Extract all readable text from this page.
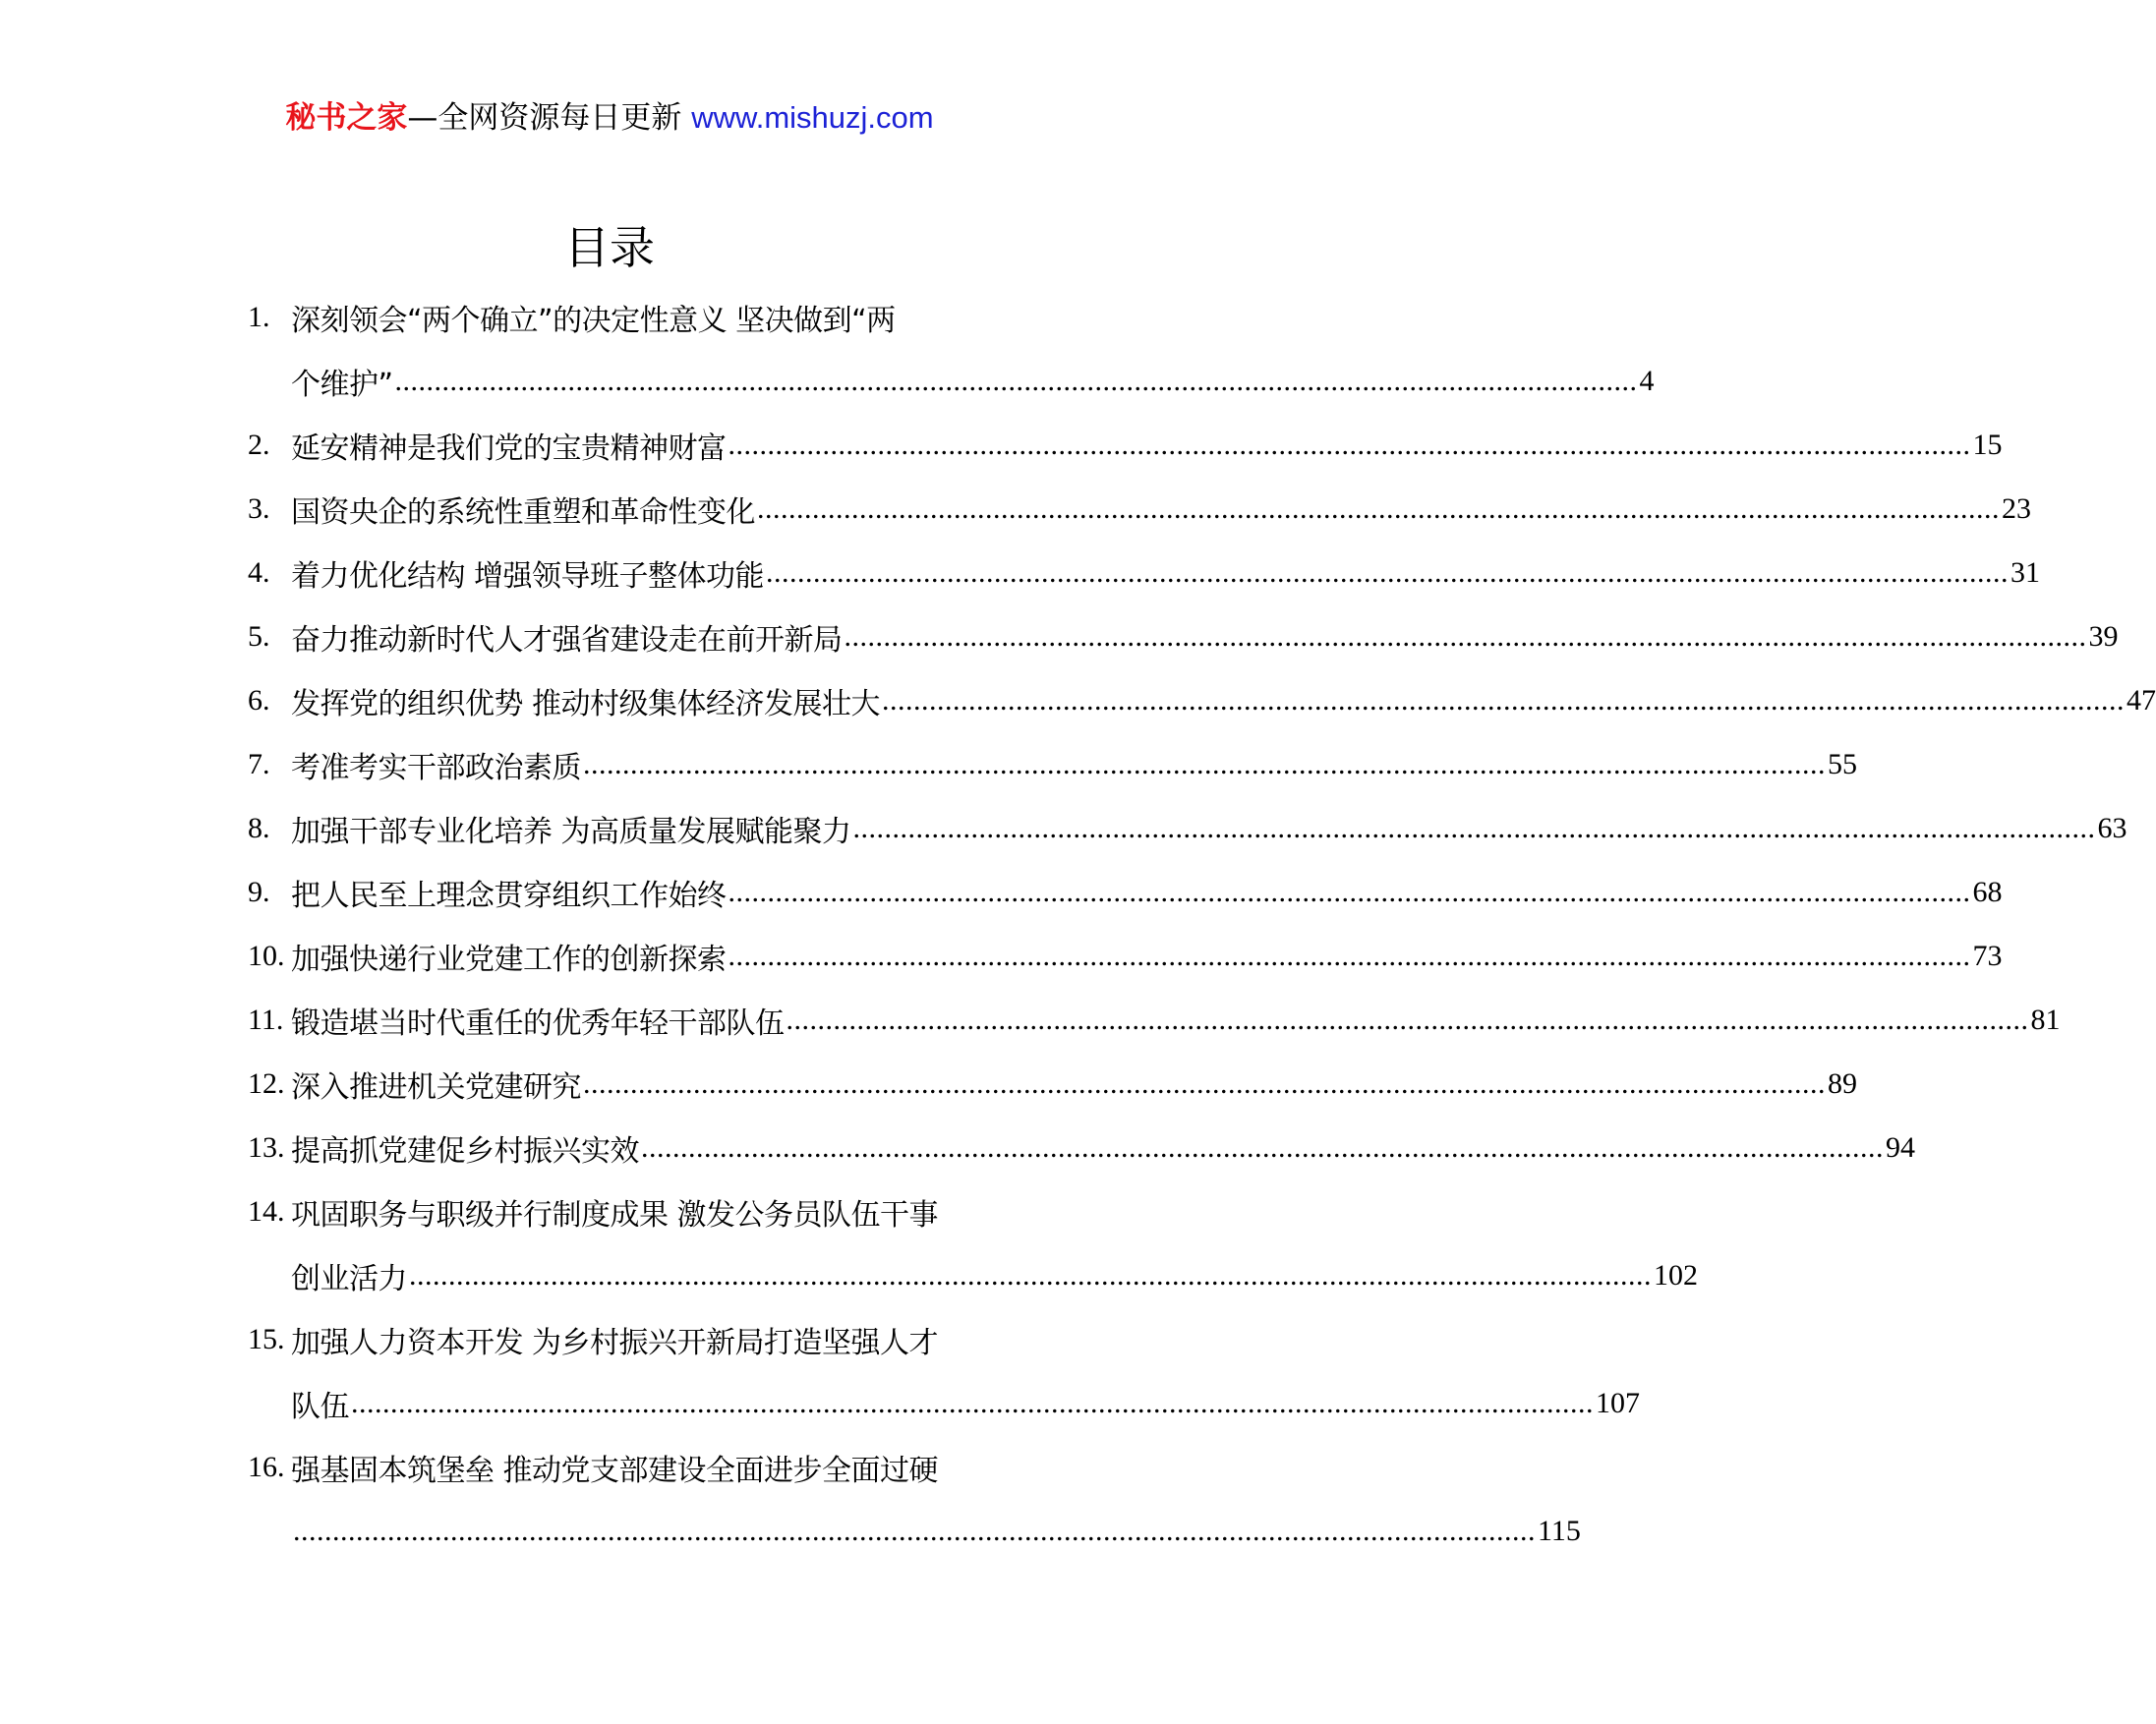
秘书之家—全网资源每日更新 www.mishuzj.com
目录
1. 深刻领会“两个确立”的决定性意义 坚决做到“两
个维护” .............................................................................................................................................................. 4
2. 延安精神是我们党的宝贵精神财富 .............................................................................................................................................................. 15
3. 国资央企的系统性重塑和革命性变化 .............................................................................................................................................................. 23
4. 着力优化结构 增强领导班子整体功能 .............................................................................................................................................................. 31
5. 奋力推动新时代人才强省建设走在前开新局 .............................................................................................................................................................. 39
6. 发挥党的组织优势 推动村级集体经济发展壮大 .............................................................................................................................................................. 47
7. 考准考实干部政治素质 .............................................................................................................................................................. 55
8. 加强干部专业化培养 为高质量发展赋能聚力 .............................................................................................................................................................. 63
9. 把人民至上理念贯穿组织工作始终 .............................................................................................................................................................. 68
10. 加强快递行业党建工作的创新探索 .............................................................................................................................................................. 73
11. 锻造堪当时代重任的优秀年轻干部队伍 .............................................................................................................................................................. 81
12. 深入推进机关党建研究 .............................................................................................................................................................. 89
13. 提高抓党建促乡村振兴实效 .............................................................................................................................................................. 94
14. 巩固职务与职级并行制度成果 激发公务员队伍干事
创业活力 .............................................................................................................................................................. 102
15. 加强人力资本开发 为乡村振兴开新局打造坚强人才
队伍 .............................................................................................................................................................. 107
16. 强基固本筑堡垒 推动党支部建设全面进步全面过硬
.............................................................................................................................................................. 115
